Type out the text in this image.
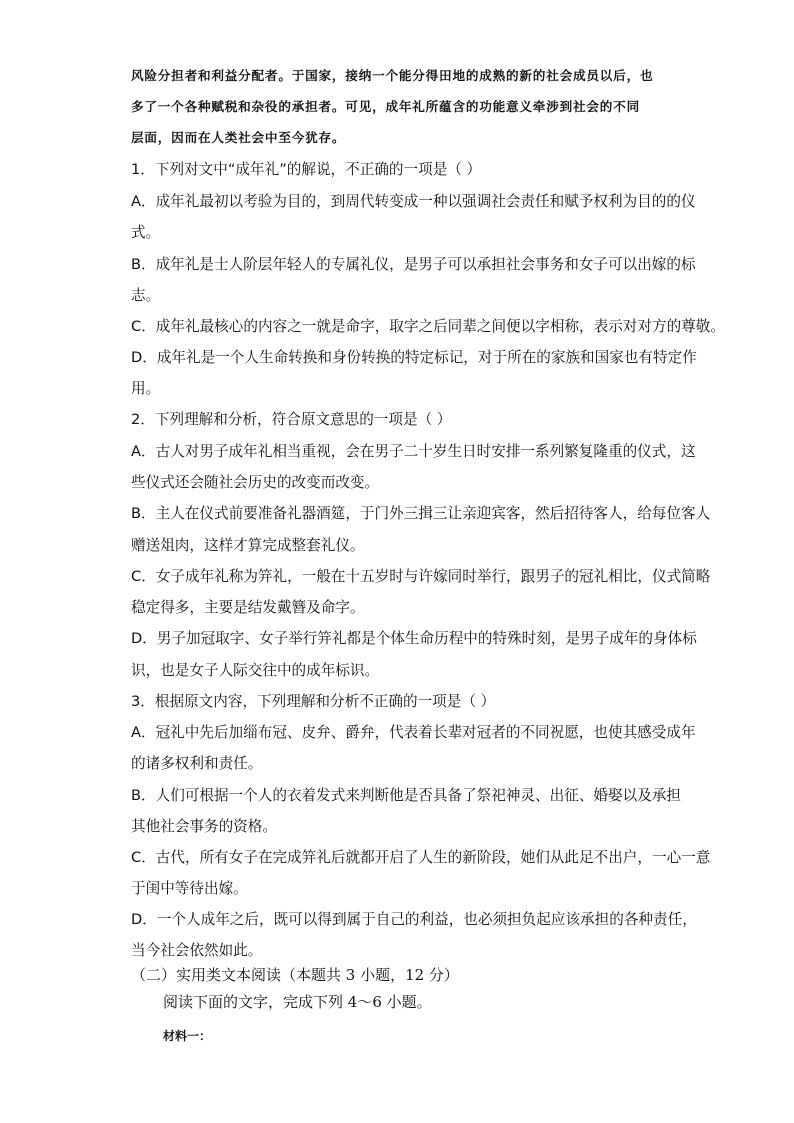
风险分担者和利益分配者。于国家，接纳一个能分得田地的成熟的新的社会成员以后，也
多了一个各种赋税和杂役的承担者。可见，成年礼所蕴含的功能意义牵涉到社会的不同
层面，因而在人类社会中至今犹存。
1．下列对文中“成年礼”的解说，不正确的一项是（ ）
A．成年礼最初以考验为目的，到周代转变成一种以强调社会责任和赋予权利为目的的仪
式。
B．成年礼是士人阶层年轻人的专属礼仪，是男子可以承担社会事务和女子可以出嫁的标
志。
C．成年礼最核心的内容之一就是命字，取字之后同辈之间便以字相称，表示对对方的尊敬。
D．成年礼是一个人生命转换和身份转换的特定标记，对于所在的家族和国家也有特定作
用。
2．下列理解和分析，符合原文意思的一项是（ ）
A．古人对男子成年礼相当重视，会在男子二十岁生日时安排一系列繁复隆重的仪式，这
些仪式还会随社会历史的改变而改变。
B．主人在仪式前要准备礼器酒筵，于门外三揖三让亲迎宾客，然后招待客人，给每位客人
赠送俎肉，这样才算完成整套礼仪。
C．女子成年礼称为笄礼，一般在十五岁时与许嫁同时举行，跟男子的冠礼相比，仪式简略
稳定得多，主要是结发戴簪及命字。
D．男子加冠取字、女子举行笄礼都是个体生命历程中的特殊时刻，是男子成年的身体标
识，也是女子人际交往中的成年标识。
3．根据原文内容，下列理解和分析不正确的一项是（ ）
A．冠礼中先后加缁布冠、皮弁、爵弁，代表着长辈对冠者的不同祝愿，也使其感受成年
的诸多权利和责任。
B．人们可根据一个人的衣着发式来判断他是否具备了祭祀神灵、出征、婚娶以及承担
其他社会事务的资格。
C．古代，所有女子在完成笄礼后就都开启了人生的新阶段，她们从此足不出户，一心一意
于闺中等待出嫁。
D．一个人成年之后，既可以得到属于自己的利益，也必须担负起应该承担的各种责任，
当今社会依然如此。
（二）实用类文本阅读（本题共 3 小题，12 分）
阅读下面的文字，完成下列 4～6 小题。
材料一：
